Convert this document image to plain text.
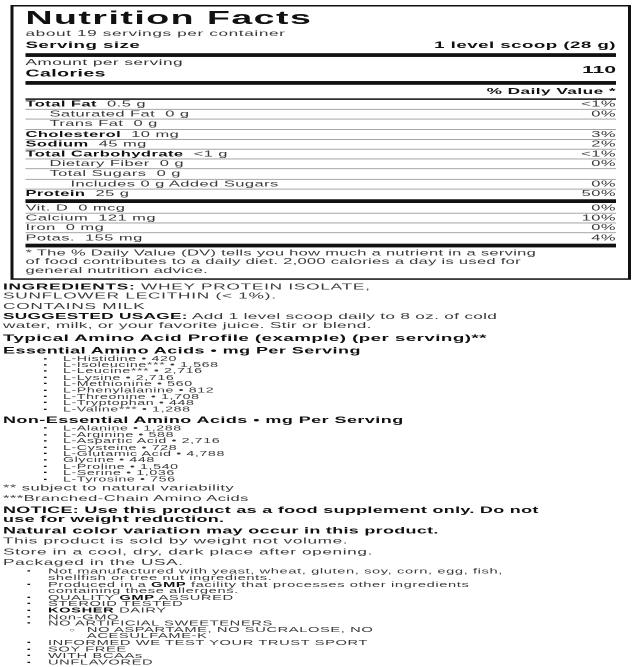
Nutrition Facts
about 19 servings per container
Serving size	1 level scoop (28 g)
Amount per serving
Calories	110
% Daily Value *
Total Fat  0.5 g	<1%
Saturated Fat  0 g	0%
Trans Fat  0 g
Cholesterol  10 mg	3%
Sodium  45 mg	2%
Total Carbohydrate  <1 g	<1%
Dietary Fiber  0 g	0%
Total Sugars  0 g
Includes 0 g Added Sugars	0%
Protein  25 g	50%
Vit. D  0 mcg	0%
Calcium  121 mg	10%
Iron  0 mg	0%
Potas.  155 mg	4%

* The % Daily Value (DV) tells you how much a nutrient in a serving of food contributes to a daily diet. 2,000 calories a day is used for general nutrition advice.

INGREDIENTS: WHEY PROTEIN ISOLATE, SUNFLOWER LECITHIN (< 1%).

CONTAINS MILK

SUGGESTED USAGE: Add 1 level scoop daily to 8 oz. of cold water, milk, or your favorite juice. Stir or blend.

Typical Amino Acid Profile (example) (per serving)**
Essential Amino Acids • mg Per Serving
▪ L-Histidine • 420
▪ L-Isoleucine*** • 1,568
▪ L-Leucine*** • 2,716
▪ L-Lysine • 2,716
▪ L-Methionine • 560
▪ L-Phenylalanine • 812
▪ L-Threonine • 1,708
▪ L-Tryptophan • 448
▪ L-Valine*** • 1,288
Non-Essential Amino Acids • mg Per Serving
▪ L-Alanine • 1,288
▪ L-Arginine • 588
▪ L-Aspartic Acid • 2,716
▪ L-Cysteine • 728
▪ L-Glutamic Acid • 4,788
▪ Glycine • 448
▪ L-Proline • 1,540
▪ L-Serine • 1,036
▪ L-Tyrosine • 756
** subject to natural variability
***Branched-Chain Amino Acids

NOTICE: Use this product as a food supplement only. Do not use for weight reduction.

Natural color variation may occur in this product.

This product is sold by weight not volume.

Store in a cool, dry, dark place after opening.

Packaged in the USA.

▪ Not manufactured with yeast, wheat, gluten, soy, corn, egg, fish, shellfish or tree nut ingredients.
▪ Produced in a GMP facility that processes other ingredients containing these allergens.
▪ QUALITY GMP ASSURED
▪ STEROID TESTED
▪ KOSHER DAIRY
▪ Non-GMO
▪ NO ARTIFICIAL SWEETENERS
○ NO ASPARTAME, NO SUCRALOSE, NO ACESULFAME-K
▪ INFORMED WE TEST YOUR TRUST SPORT
▪ SOY FREE
▪ WITH BCAAs
▪ UNFLAVORED
